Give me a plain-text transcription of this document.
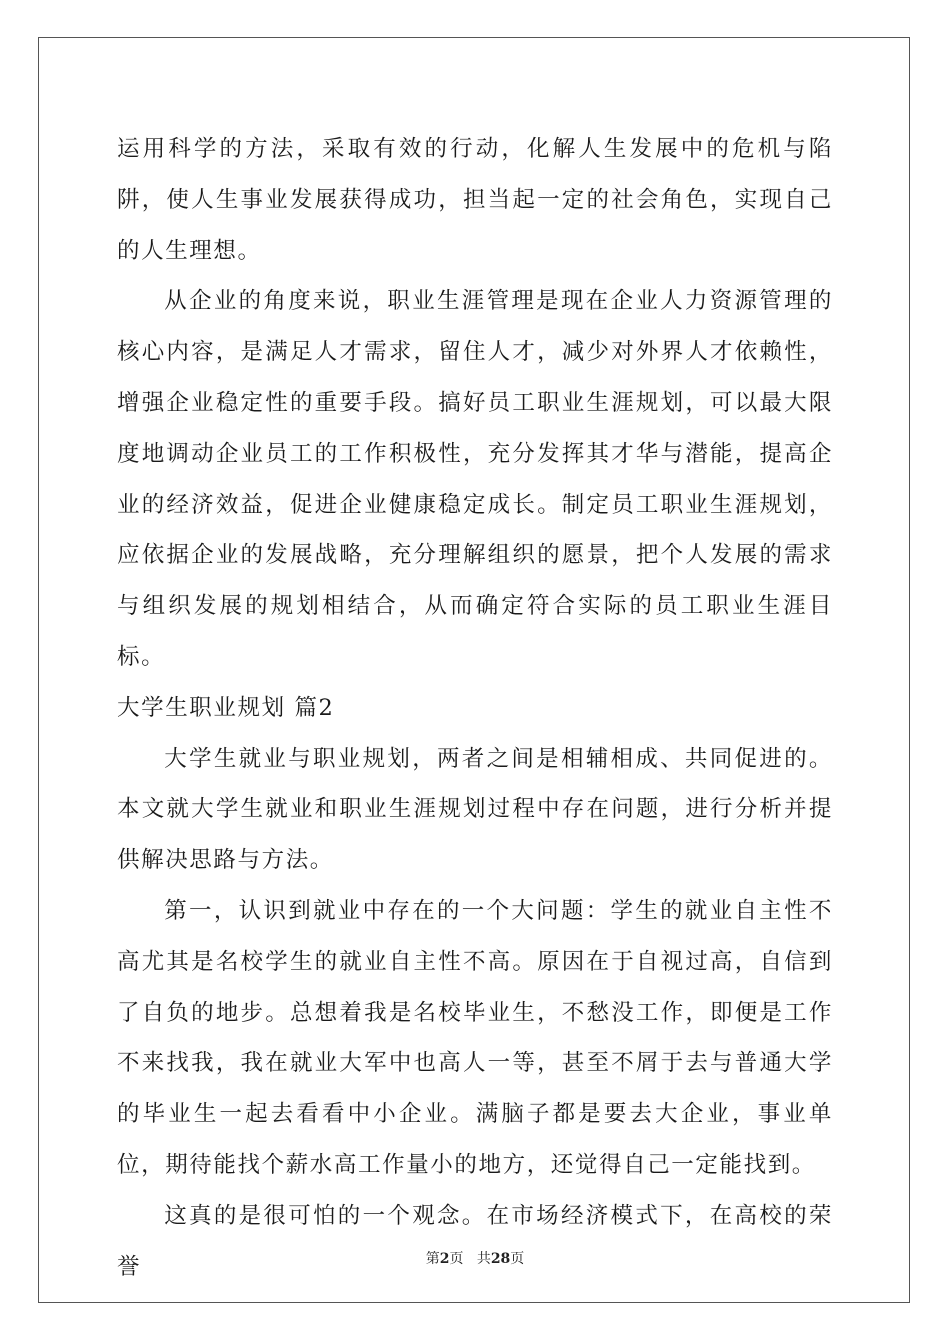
运用科学的方法，采取有效的行动，化解人生发展中的危机与陷阱，使人生事业发展获得成功，担当起一定的社会角色，实现自己的人生理想。

从企业的角度来说，职业生涯管理是现在企业人力资源管理的核心内容，是满足人才需求，留住人才，减少对外界人才依赖性，增强企业稳定性的重要手段。搞好员工职业生涯规划，可以最大限度地调动企业员工的工作积极性，充分发挥其才华与潜能，提高企业的经济效益，促进企业健康稳定成长。制定员工职业生涯规划，应依据企业的发展战略，充分理解组织的愿景，把个人发展的需求与组织发展的规划相结合，从而确定符合实际的员工职业生涯目标。

大学生职业规划 篇2

大学生就业与职业规划，两者之间是相辅相成、共同促进的。本文就大学生就业和职业生涯规划过程中存在问题，进行分析并提供解决思路与方法。

第一，认识到就业中存在的一个大问题：学生的就业自主性不高尤其是名校学生的就业自主性不高。原因在于自视过高，自信到了自负的地步。总想着我是名校毕业生，不愁没工作，即便是工作不来找我，我在就业大军中也高人一等，甚至不屑于去与普通大学的毕业生一起去看看中小企业。满脑子都是要去大企业，事业单位，期待能找个薪水高工作量小的地方，还觉得自己一定能找到。

这真的是很可怕的一个观念。在市场经济模式下，在高校的荣誉	第2页 共28页
